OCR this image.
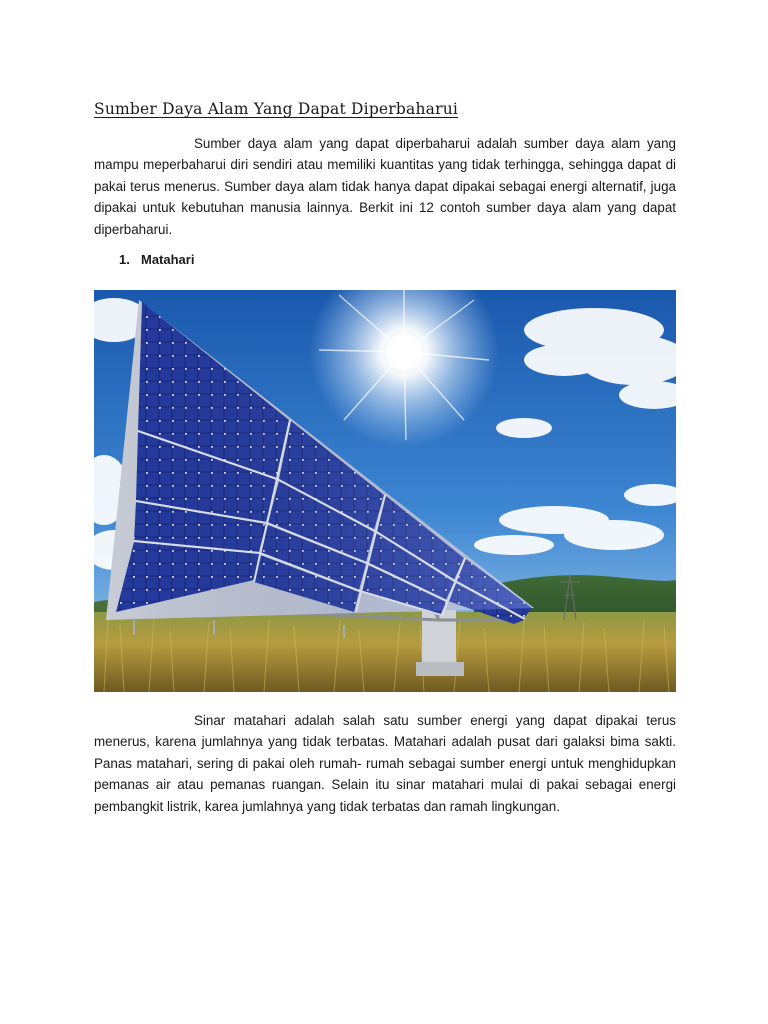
Sumber Daya Alam Yang Dapat Diperbaharui

Sumber daya alam yang dapat diperbaharui adalah sumber daya alam yang mampu meperbaharui diri sendiri atau memiliki kuantitas yang tidak terhingga, sehingga dapat di pakai terus menerus. Sumber daya alam tidak hanya dapat dipakai sebagai energi alternatif, juga dipakai untuk kebutuhan manusia lainnya. Berkit ini 12 contoh sumber daya alam yang dapat diperbaharui.

1. Matahari

Sinar matahari adalah salah satu sumber energi yang dapat dipakai terus menerus, karena jumlahnya yang tidak terbatas. Matahari adalah pusat dari galaksi bima sakti. Panas matahari, sering di pakai oleh rumah- rumah sebagai sumber energi untuk menghidupkan pemanas air atau pemanas ruangan. Selain itu sinar matahari mulai di pakai sebagai energi pembangkit listrik, karea jumlahnya yang tidak terbatas dan ramah lingkungan.
